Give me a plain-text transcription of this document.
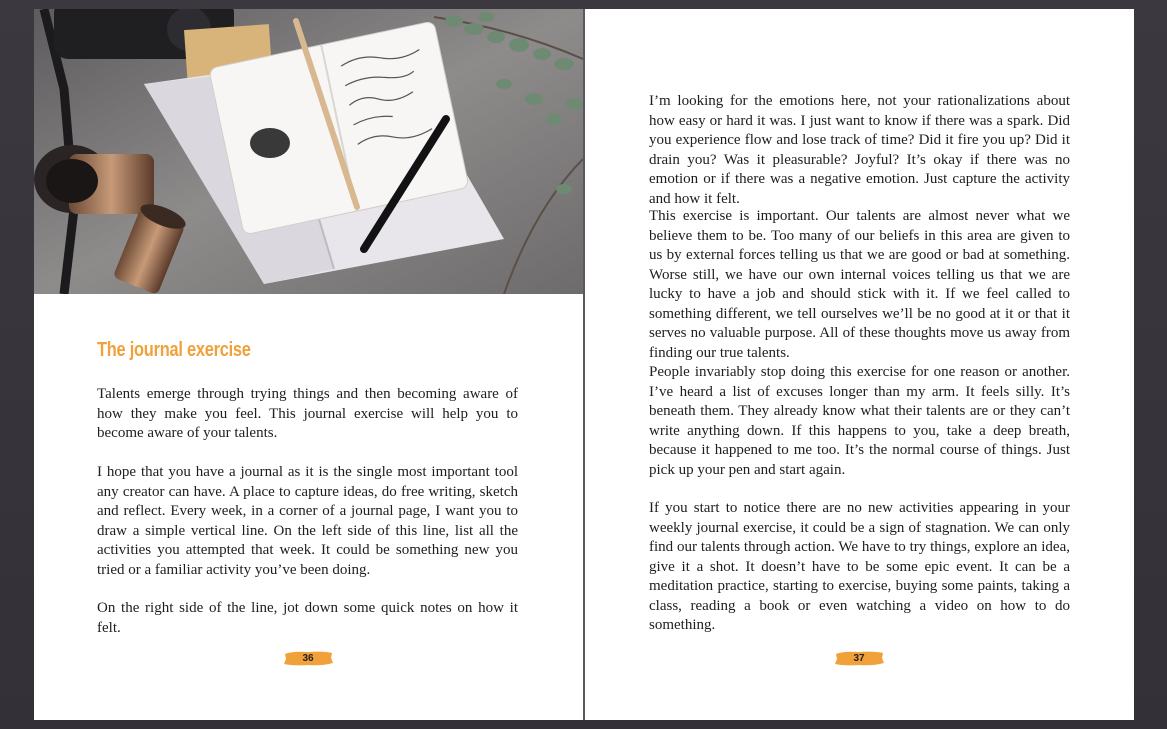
The journal exercise

Talents emerge through trying things and then becoming aware of how they make you feel. This journal exercise will help you to become aware of your talents.

I hope that you have a journal as it is the single most important tool any creator can have. A place to capture ideas, do free writing, sketch and reflect. Every week, in a corner of a journal page, I want you to draw a simple vertical line. On the left side of this line, list all the activities you attempted that week. It could be something new you tried or a familiar activity you’ve been doing.

On the right side of the line, jot down some quick notes on how it felt.

36

I’m looking for the emotions here, not your rationalizations about how easy or hard it was. I just want to know if there was a spark. Did you experience flow and lose track of time? Did it fire you up? Did it drain you? Was it pleasurable? Joyful? It’s okay if there was no emotion or if there was a negative emotion. Just capture the activity and how it felt.

This exercise is important. Our talents are almost never what we believe them to be. Too many of our beliefs in this area are given to us by external forces telling us that we are good or bad at something. Worse still, we have our own internal voices telling us that we are lucky to have a job and should stick with it. If we feel called to something different, we tell ourselves we’ll be no good at it or that it serves no valuable purpose. All of these thoughts move us away from finding our true talents.

People invariably stop doing this exercise for one reason or another. I’ve heard a list of excuses longer than my arm. It feels silly. It’s beneath them. They already know what their talents are or they can’t write anything down. If this happens to you, take a deep breath, because it happened to me too. It’s the normal course of things. Just pick up your pen and start again.

If you start to notice there are no new activities appearing in your weekly journal exercise, it could be a sign of stagnation. We can only find our talents through action. We have to try things, explore an idea, give it a shot. It doesn’t have to be some epic event. It can be a meditation practice, starting to exercise, buying some paints, taking a class, reading a book or even watching a video on how to do something.

37
